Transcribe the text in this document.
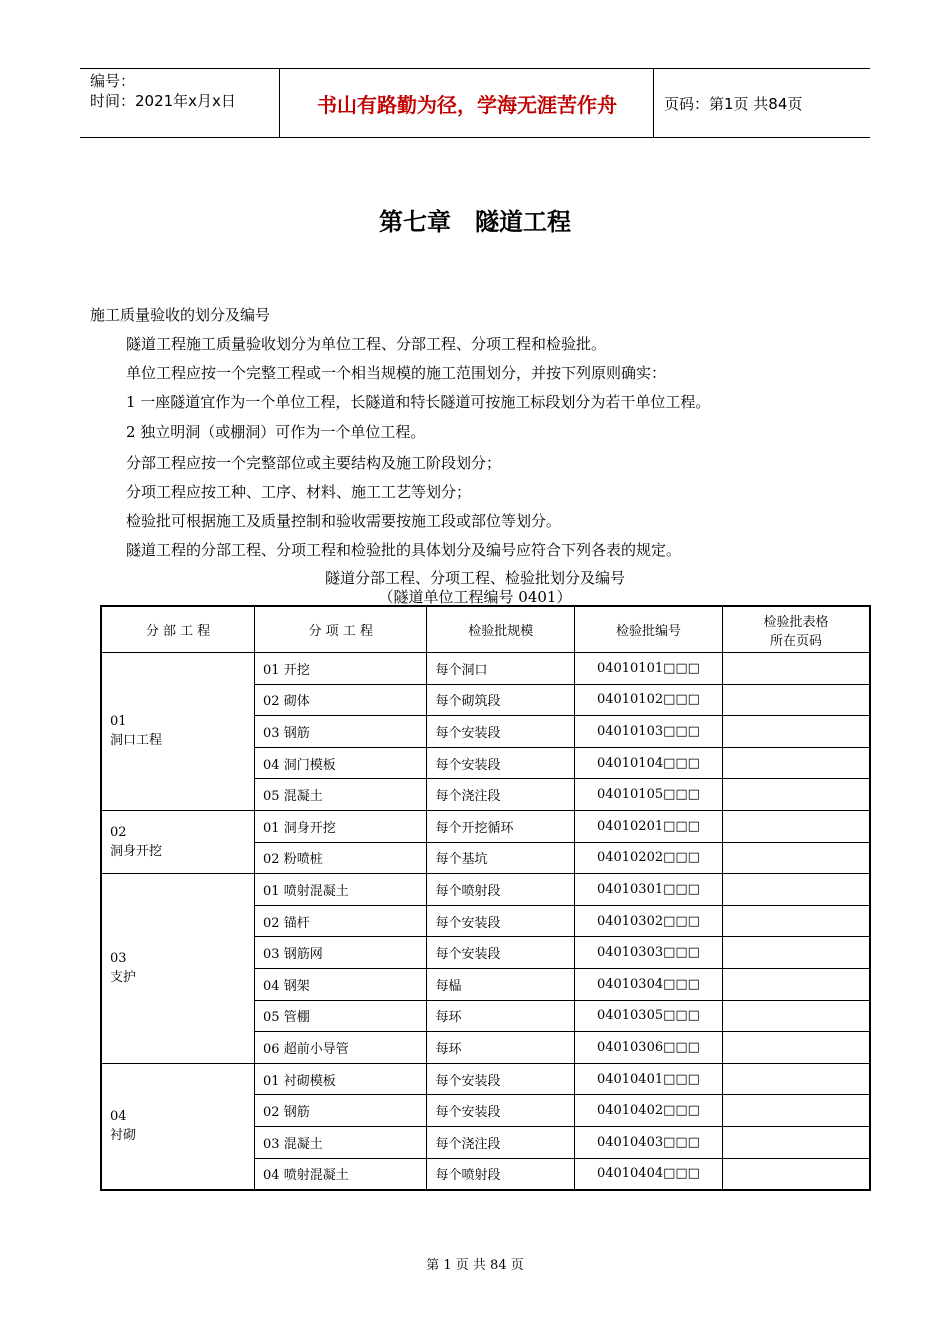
编号：
时间：2021年x月x日	书山有路勤为径，学海无涯苦作舟	页码：第1页 共84页
第七章　隧道工程
施工质量验收的划分及编号
隧道工程施工质量验收划分为单位工程、分部工程、分项工程和检验批。
单位工程应按一个完整工程或一个相当规模的施工范围划分，并按下列原则确实：
1 一座隧道宜作为一个单位工程，长隧道和特长隧道可按施工标段划分为若干单位工程。
2 独立明洞（或棚洞）可作为一个单位工程。
分部工程应按一个完整部位或主要结构及施工阶段划分；
分项工程应按工种、工序、材料、施工工艺等划分；
检验批可根据施工及质量控制和验收需要按施工段或部位等划分。
隧道工程的分部工程、分项工程和检验批的具体划分及编号应符合下列各表的规定。
隧道分部工程、分项工程、检验批划分及编号
（隧道单位工程编号 0401）
分 部 工 程	分 项 工 程	检验批规模	检验批编号	检验批表格
所在页码

01
洞口工程	01 开挖	每个洞口	04010101□□□	
	02 砌体	每个砌筑段	04010102□□□	
	03 钢筋	每个安装段	04010103□□□	
	04 洞门模板	每个安装段	04010104□□□	
	05 混凝土	每个浇注段	04010105□□□	

02
洞身开挖	01 洞身开挖	每个开挖循环	04010201□□□	
	02 粉喷桩	每个基坑	04010202□□□	

03
支护	01 喷射混凝土	每个喷射段	04010301□□□	
	02 锚杆	每个安装段	04010302□□□	
	03 钢筋网	每个安装段	04010303□□□	
	04 钢架	每榀	04010304□□□	
	05 管棚	每环	04010305□□□	
	06 超前小导管	每环	04010306□□□	

04
衬砌	01 衬砌模板	每个安装段	04010401□□□	
	02 钢筋	每个安装段	04010402□□□	
	03 混凝土	每个浇注段	04010403□□□	
	04 喷射混凝土	每个喷射段	04010404□□□	
第 1 页 共 84 页
